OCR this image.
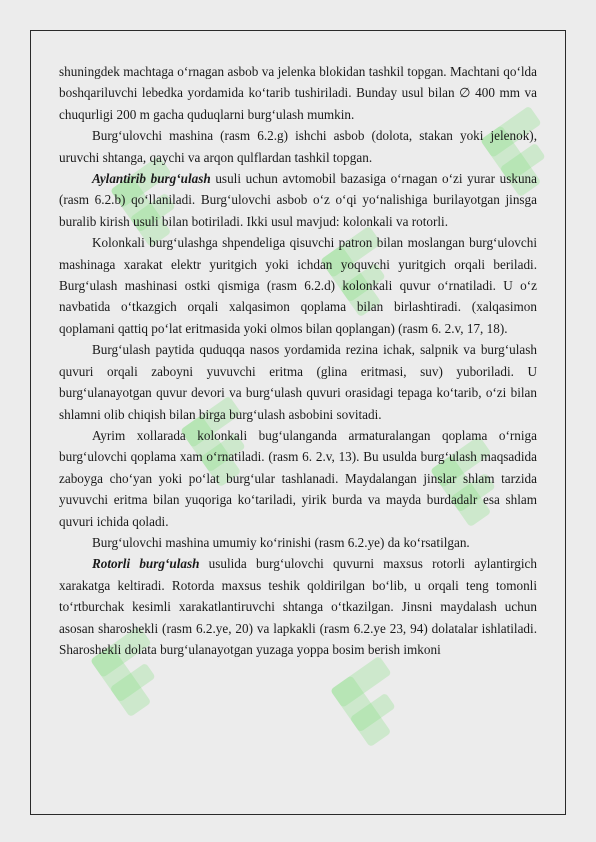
shuningdek machtaga o‘rnagan asbob va jelenka blokidan tashkil topgan. Machtani qo‘lda boshqariluvchi lebedka yordamida ko‘tarib tushiriladi. Bunday usul bilan ∅ 400 mm va chuqurligi 200 m gacha quduqlarni burg‘ulash mumkin.

Burg‘ulovchi mashina (rasm 6.2.g) ishchi asbob (dolota, stakan yoki jelenok), uruvchi shtanga, qaychi va arqon qulflardan tashkil topgan.

Aylantirib burg‘ulash usuli uchun avtomobil bazasiga o‘rnagan o‘zi yurar uskuna (rasm 6.2.b) qo‘llaniladi. Burg‘ulovchi asbob o‘z o‘qi yo‘nalishiga burilayotgan jinsga buralib kirish usuli bilan botiriladi. Ikki usul mavjud: kolonkali va rotorli.

Kolonkali burg‘ulashga shpendeliga qisuvchi patron bilan moslangan burg‘ulovchi mashinaga xarakat elektr yuritgich yoki ichdan yoquvchi yuritgich orqali beriladi. Burg‘ulash mashinasi ostki qismiga (rasm 6.2.d) kolonkali quvur o‘rnatiladi. U o‘z navbatida o‘tkazgich orqali xalqasimon qoplama bilan birlashtiradi. (xalqasimon qoplamani qattiq po‘lat eritmasida yoki olmos bilan qoplangan) (rasm 6. 2.v, 17, 18).

Burg‘ulash paytida quduqqa nasos yordamida rezina ichak, salpnik va burg‘ulash quvuri orqali zaboyni yuvuvchi eritma (glina eritmasi, suv) yuboriladi. U burg‘ulanayotgan quvur devori va burg‘ulash quvuri orasidagi tepaga ko‘tarib, o‘zi bilan shlamni olib chiqish bilan birga burg‘ulash asbobini sovitadi.

Ayrim xollarada kolonkali bug‘ulanganda armaturalangan qoplama o‘rniga burg‘ulovchi qoplama xam o‘rnatiladi. (rasm 6. 2.v, 13). Bu usulda burg‘ulash maqsadida zaboyga cho‘yan yoki po‘lat burg‘ular tashlanadi. Maydalangan jinslar shlam tarzida yuvuvchi eritma bilan yuqoriga ko‘tariladi, yirik burda va mayda burdadalr esa shlam quvuri ichida qoladi.

Burg‘ulovchi mashina umumiy ko‘rinishi (rasm 6.2.ye) da ko‘rsatilgan.

Rotorli burg‘ulash usulida burg‘ulovchi quvurni maxsus rotorli aylantirgich xarakatga keltiradi. Rotorda maxsus teshik qoldirilgan bo‘lib, u orqali teng tomonli to‘rtburchak kesimli xarakatlantiruvchi shtanga o‘tkazilgan. Jinsni maydalash uchun asosan sharoshekli (rasm 6.2.ye, 20) va lapkakli (rasm 6.2.ye 23, 94) dolatalar ishlatiladi. Sharoshekli dolata burg‘ulanayotgan yuzaga yoppa bosim berish imkoni
